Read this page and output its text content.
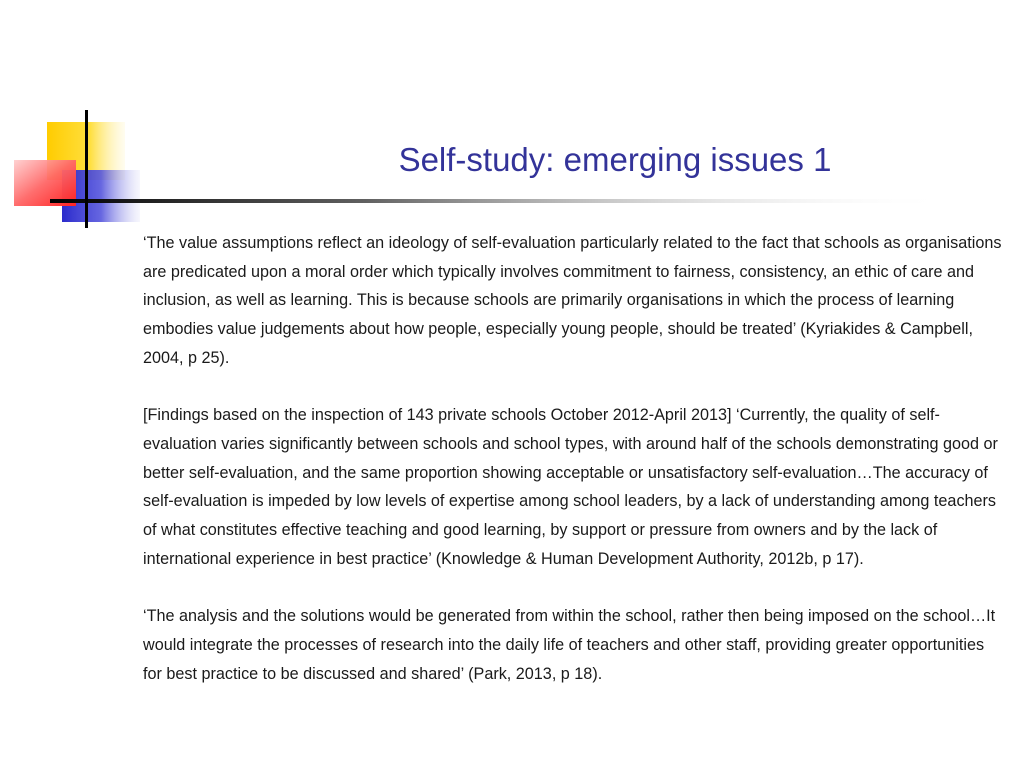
Self-study: emerging issues 1

‘The value assumptions reflect an ideology of self-evaluation particularly related to the fact that schools as organisations are predicated upon a moral order which typically involves commitment to fairness, consistency, an ethic of care and inclusion, as well as learning. This is because schools are primarily organisations in which the process of learning embodies value judgements about how people, especially young people, should be treated’ (Kyriakides & Campbell, 2004, p 25).

[Findings based on the inspection of 143 private schools October 2012-April 2013] ‘Currently, the quality of self-evaluation varies significantly between schools and school types, with around half of the schools demonstrating good or better self-evaluation, and the same proportion showing acceptable or unsatisfactory self-evaluation…The accuracy of self-evaluation is impeded by low levels of expertise among school leaders, by a lack of understanding among teachers of what constitutes effective teaching and good learning, by support or pressure from owners and by the lack of international experience in best practice’ (Knowledge & Human Development Authority, 2012b, p 17).

‘The analysis and the solutions would be generated from within the school, rather then being imposed on the school…It would integrate the processes of research into the daily life of teachers and other staff, providing greater opportunities for best practice to be discussed and shared’ (Park, 2013, p 18).
